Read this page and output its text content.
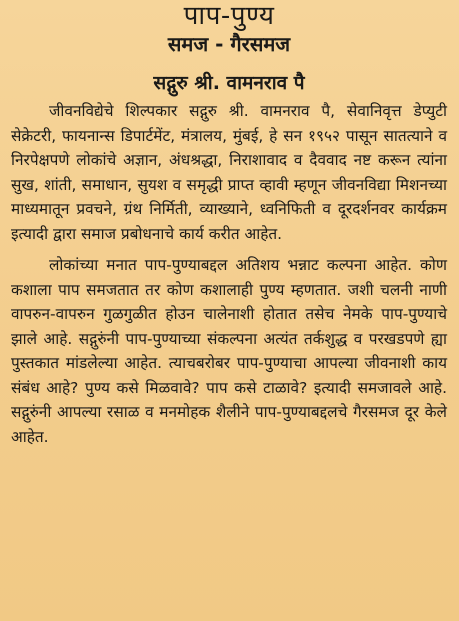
पाप-पुण्य
समज - गैरसमज
सद्गुरु श्री. वामनराव पै

जीवनविद्येचे शिल्पकार सद्गुरु श्री. वामनराव पै, सेवानिवृत्त डेप्युटी सेक्रेटरी, फायनान्स डिपार्टमेंट, मंत्रालय, मुंबई, हे सन १९५२ पासून सातत्याने व निरपेक्षपणे लोकांचे अज्ञान, अंधश्रद्धा, निराशावाद व दैववाद नष्ट करून त्यांना सुख, शांती, समाधान, सुयश व समृद्धी प्राप्त व्हावी म्हणून जीवनविद्या मिशनच्या माध्यमातून प्रवचने, ग्रंथ निर्मिती, व्याख्याने, ध्वनिफिती व दूरदर्शनवर कार्यक्रम इत्यादी द्वारा समाज प्रबोधनाचे कार्य करीत आहेत.

लोकांच्या मनात पाप-पुण्याबद्दल अतिशय भन्नाट कल्पना आहेत. कोण कशाला पाप समजतात तर कोण कशालाही पुण्य म्हणतात. जशी चलनी नाणी वापरुन-वापरुन गुळगुळीत होउन चालेनाशी होतात तसेच नेमके पाप-पुण्याचे झाले आहे. सद्गुरुंनी पाप-पुण्याच्या संकल्पना अत्यंत तर्कशुद्ध व परखडपणे ह्या पुस्तकात मांडलेल्या आहेत. त्याचबरोबर पाप-पुण्याचा आपल्या जीवनाशी काय संबंध आहे? पुण्य कसे मिळवावे? पाप कसे टाळावे? इत्यादी समजावले आहे. सद्गुरुंनी आपल्या रसाळ व मनमोहक शैलीने पाप-पुण्याबद्दलचे गैरसमज दूर केले आहेत.
